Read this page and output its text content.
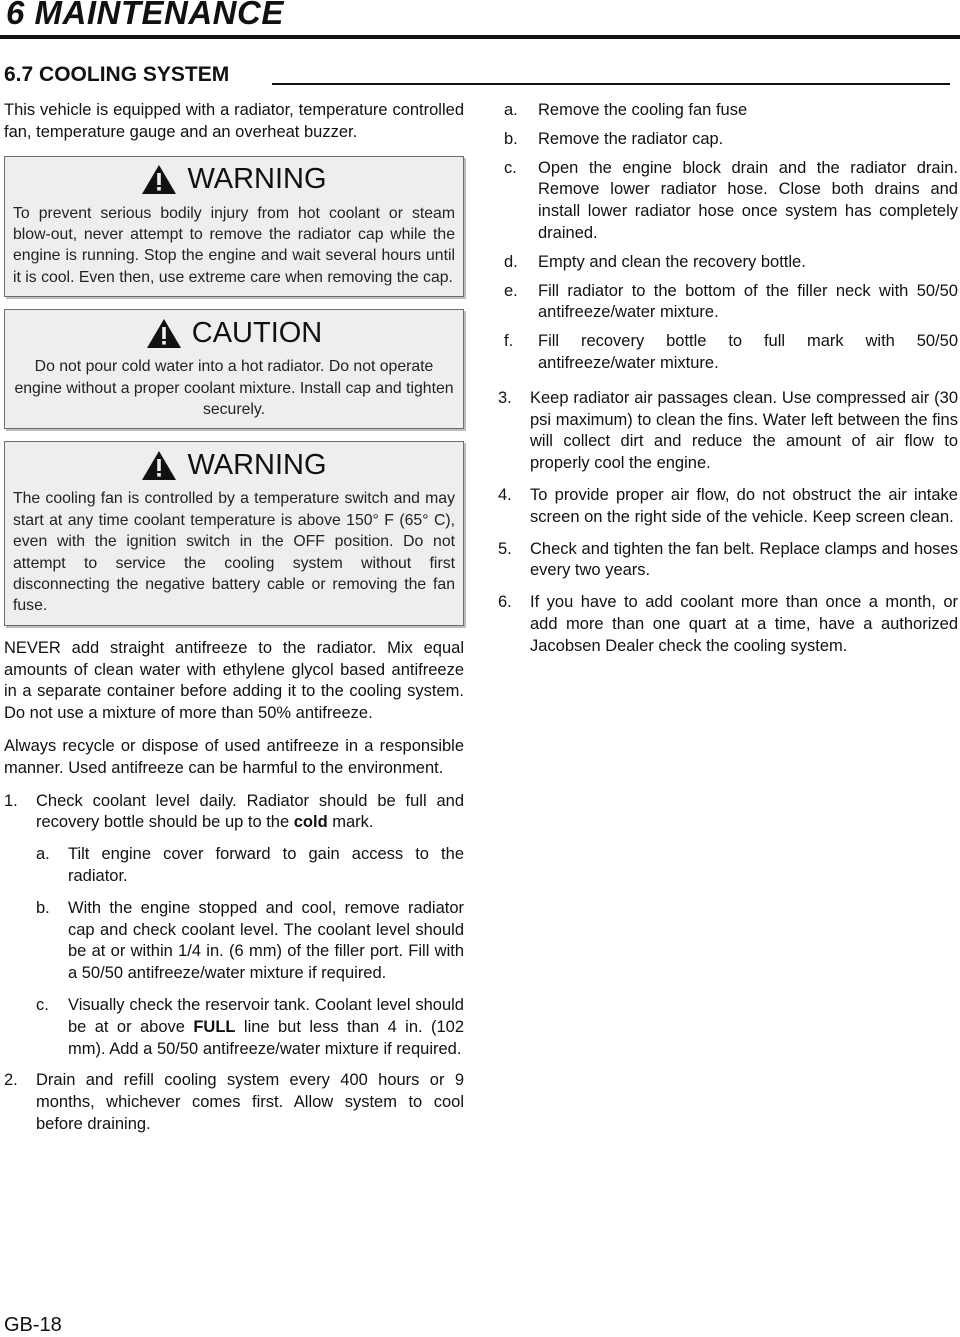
6 MAINTENANCE
6.7 COOLING SYSTEM

This vehicle is equipped with a radiator, temperature controlled fan, temperature gauge and an overheat buzzer.

WARNING
To prevent serious bodily injury from hot coolant or steam blow-out, never attempt to remove the radiator cap while the engine is running. Stop the engine and wait several hours until it is cool. Even then, use extreme care when removing the cap.
CAUTION
Do not pour cold water into a hot radiator. Do not operate engine without a proper coolant mixture. Install cap and tighten securely.
WARNING
The cooling fan is controlled by a temperature switch and may start at any time coolant temperature is above 150° F (65° C), even with the ignition switch in the OFF position. Do not attempt to service the cooling system without first disconnecting the negative battery cable or removing the fan fuse.

NEVER add straight antifreeze to the radiator. Mix equal amounts of clean water with ethylene glycol based antifreeze in a separate container before adding it to the cooling system. Do not use a mixture of more than 50% antifreeze.

Always recycle or dispose of used antifreeze in a responsible manner. Used antifreeze can be harmful to the environment.

1.	Check coolant level daily. Radiator should be full and recovery bottle should be up to the cold mark.
a.	Tilt engine cover forward to gain access to the radiator.
b.	With the engine stopped and cool, remove radiator cap and check coolant level. The coolant level should be at or within 1/4 in. (6 mm) of the filler port. Fill with a 50/50 antifreeze/water mixture if required.
c.	Visually check the reservoir tank. Coolant level should be at or above FULL line but less than 4 in. (102 mm). Add a 50/50 antifreeze/water mixture if required.
2.	Drain and refill cooling system every 400 hours or 9 months, whichever comes first. Allow system to cool before draining.
a.	Remove the cooling fan fuse
b.	Remove the radiator cap.
c.	Open the engine block drain and the radiator drain. Remove lower radiator hose. Close both drains and install lower radiator hose once system has completely drained.
d.	Empty and clean the recovery bottle.
e.	Fill radiator to the bottom of the filler neck with 50/50 antifreeze/water mixture.
f.	Fill recovery bottle to full mark with 50/50 antifreeze/water mixture.
3.	Keep radiator air passages clean. Use compressed air (30 psi maximum) to clean the fins. Water left between the fins will collect dirt and reduce the amount of air flow to properly cool the engine.
4.	To provide proper air flow, do not obstruct the air intake screen on the right side of the vehicle. Keep screen clean.
5.	Check and tighten the fan belt. Replace clamps and hoses every two years.
6.	If you have to add coolant more than once a month, or add more than one quart at a time, have a authorized Jacobsen Dealer check the cooling system.
GB-18
